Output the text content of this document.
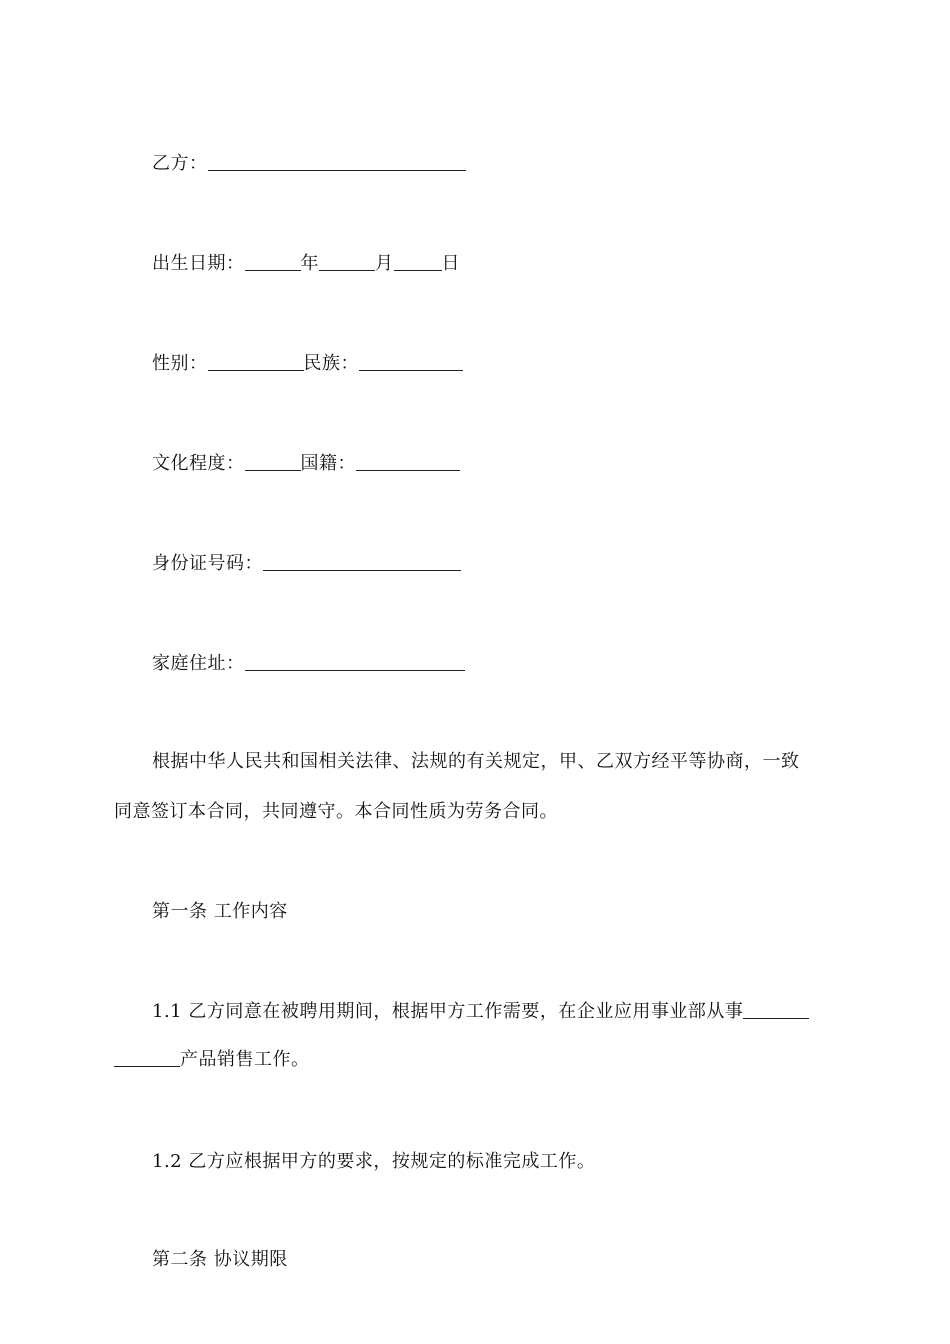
乙方：
出生日期：	年	月	日
性别：	民族：
文化程度：	国籍：
身份证号码：
家庭住址：
根据中华人民共和国相关法律、法规的有关规定，甲、乙双方经平等协商，一致
同意签订本合同，共同遵守。本合同性质为劳务合同。
第一条 工作内容
1.1 乙方同意在被聘用期间，根据甲方工作需要，在企业应用事业部从事
产品销售工作。
1.2 乙方应根据甲方的要求，按规定的标准完成工作。
第二条 协议期限
